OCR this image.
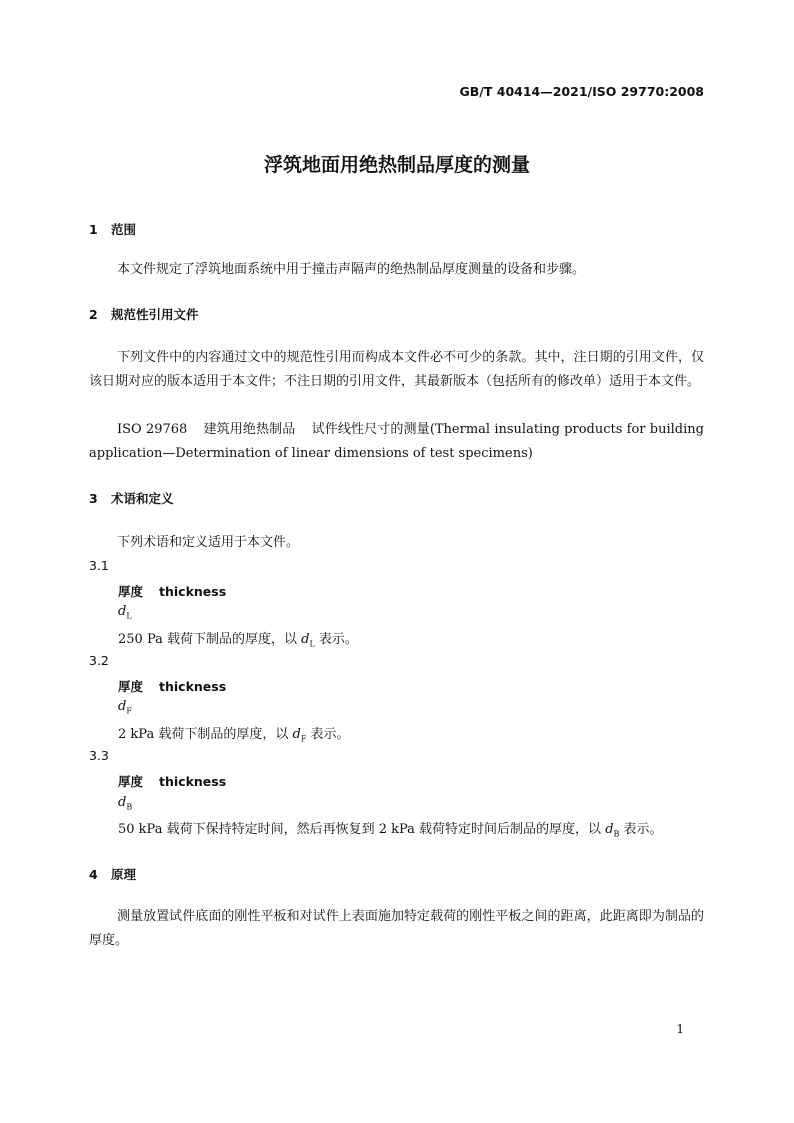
GB/T 40414—2021/ISO 29770:2008
浮筑地面用绝热制品厚度的测量
1 范围
本文件规定了浮筑地面系统中用于撞击声隔声的绝热制品厚度测量的设备和步骤。
2 规范性引用文件
下列文件中的内容通过文中的规范性引用而构成本文件必不可少的条款。其中，注日期的引用文件，仅该日期对应的版本适用于本文件；不注日期的引用文件，其最新版本（包括所有的修改单）适用于本文件。
ISO 29768 建筑用绝热制品 试件线性尺寸的测量(Thermal insulating products for building application—Determination of linear dimensions of test specimens)
3 术语和定义
下列术语和定义适用于本文件。
3.1
厚度 thickness
$d_L$
250 Pa 载荷下制品的厚度，以 $d_L$ 表示。
3.2
厚度 thickness
$d_F$
2 kPa 载荷下制品的厚度，以 $d_F$ 表示。
3.3
厚度 thickness
$d_B$
50 kPa 载荷下保持特定时间，然后再恢复到 2 kPa 载荷特定时间后制品的厚度，以 $d_B$ 表示。
4 原理
测量放置试件底面的刚性平板和对试件上表面施加特定载荷的刚性平板之间的距离，此距离即为制品的厚度。
1
